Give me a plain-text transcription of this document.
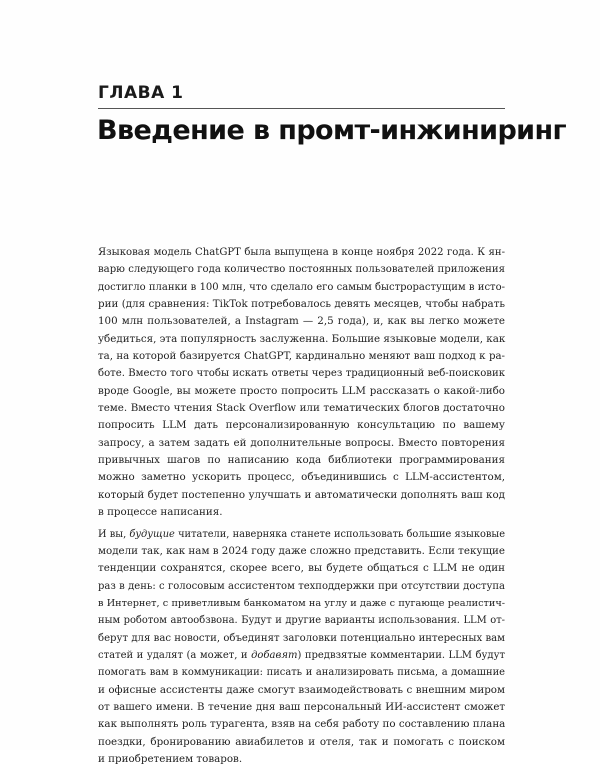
ГЛАВА 1
Введение в промт-инжиниринг
Языковая модель ChatGPT была выпущена в конце ноября 2022 года. К ян-
варю следующего года количество постоянных пользователей приложения
достигло планки в 100 млн, что сделало его самым быстрорастущим в исто-
рии (для сравнения: TikTok потребовалось девять месяцев, чтобы набрать
100 млн пользователей, а Instagram — 2,5 года), и, как вы легко можете
убедиться, эта популярность заслуженна. Большие языковые модели, как
та, на которой базируется ChatGPT, кардинально меняют ваш подход к ра-
боте. Вместо того чтобы искать ответы через традиционный веб-поисковик
вроде Google, вы можете просто попросить LLM рассказать о какой-либо
теме. Вместо чтения Stack Overflow или тематических блогов достаточно
попросить LLM дать персонализированную консультацию по вашему
запросу, а затем задать ей дополнительные вопросы. Вместо повторения
привычных шагов по написанию кода библиотеки программирования
можно заметно ускорить процесс, объединившись с LLM-ассистентом,
который будет постепенно улучшать и автоматически дополнять ваш код
в процессе написания.
И вы, будущие читатели, наверняка станете использовать большие языковые
модели так, как нам в 2024 году даже сложно представить. Если текущие
тенденции сохранятся, скорее всего, вы будете общаться с LLM не один
раз в день: с голосовым ассистентом техподдержки при отсутствии доступа
в Интернет, с приветливым банкоматом на углу и даже с пугающе реалистич-
ным роботом автообзвона. Будут и другие варианты использования. LLM от-
берут для вас новости, объединят заголовки потенциально интересных вам
статей и удалят (а может, и добавят) предвзятые комментарии. LLM будут
помогать вам в коммуникации: писать и анализировать письма, а домашние
и офисные ассистенты даже смогут взаимодействовать с внешним миром
от вашего имени. В течение дня ваш персональный ИИ-ассистент сможет
как выполнять роль турагента, взяв на себя работу по составлению плана
поездки, бронированию авиабилетов и отеля, так и помогать с поиском
и приобретением товаров.
